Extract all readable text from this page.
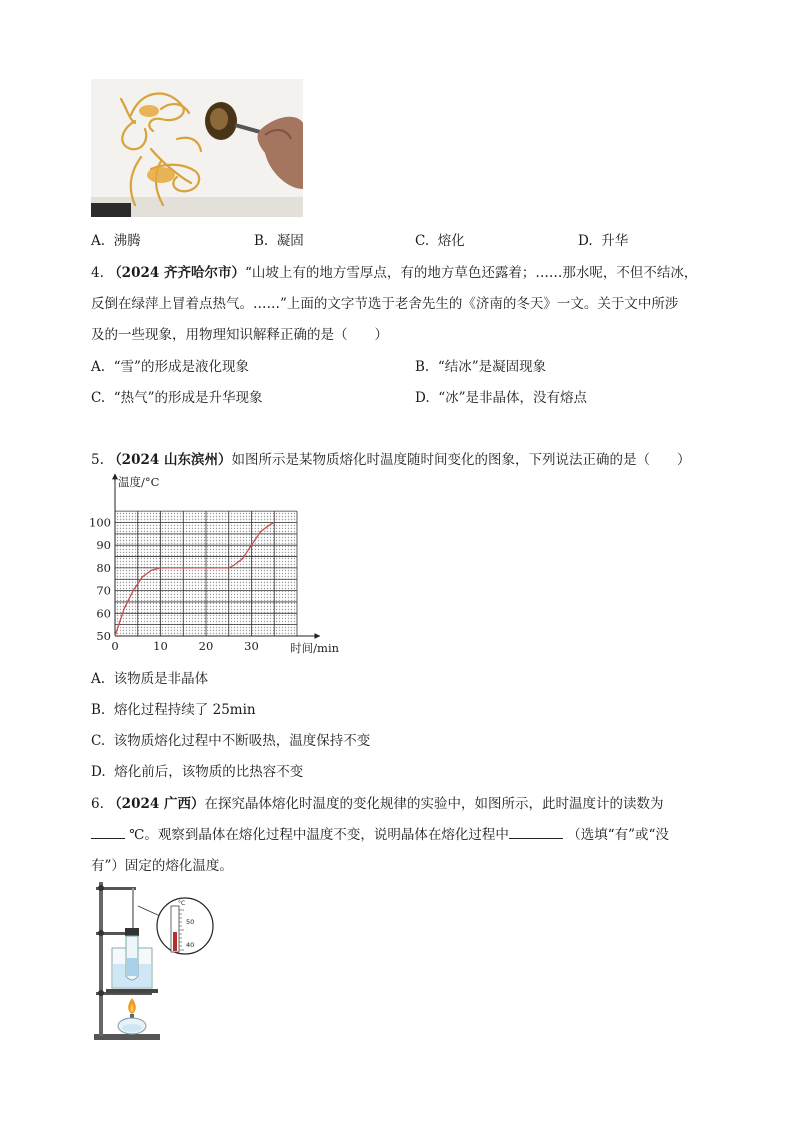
A. 沸腾	B. 凝固	C. 熔化	D. 升华
4. （2024 齐齐哈尔市）“山坡上有的地方雪厚点，有的地方草色还露着；……那水呢，不但不结冰，
反倒在绿萍上冒着点热气。……”上面的文字节选于老舍先生的《济南的冬天》一文。关于文中所涉
及的一些现象，用物理知识解释正确的是（　　）
A. “雪”的形成是液化现象	B. “结冰”是凝固现象
C. “热气”的形成是升华现象	D. “冰”是非晶体，没有熔点
5. （2024 山东滨州）如图所示是某物质熔化时温度随时间变化的图象，下列说法正确的是（　　）
50
60
70
80
90
100
0	10	20	30
温度/°C
时间/min
A. 该物质是非晶体
B. 熔化过程持续了 25min
C. 该物质熔化过程中不断吸热，温度保持不变
D. 熔化前后，该物质的比热容不变
6. （2024 广西）在探究晶体熔化时温度的变化规律的实验中，如图所示，此时温度计的读数为
℃。观察到晶体在熔化过程中温度不变，说明晶体在熔化过程中	（选填“有”或“没
有”）固定的熔化温度。
°C
50
40
